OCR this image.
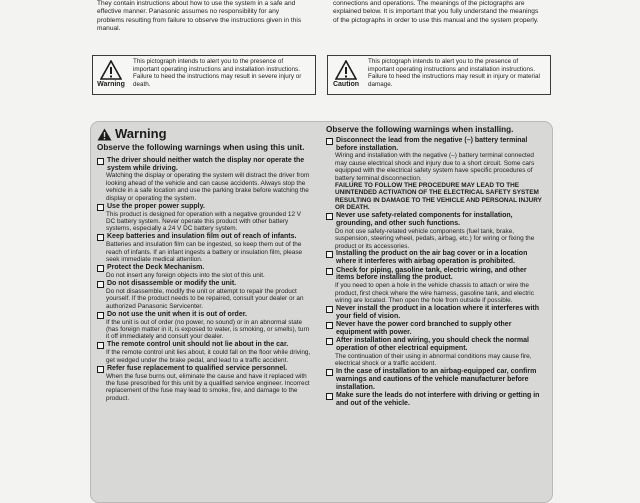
They contain instructions about how to use the system in a safe and effective manner. Panasonic assumes no responsibility for any problems resulting from failure to observe the instructions given in this manual.
connections and operations. The meanings of the pictographs are explained below. It is important that you fully understand the meanings of the pictographs in order to use this manual and the system properly.
Warning
This pictograph intends to alert you to the presence of important operating instructions and installation instructions. Failure to heed the instructions may result in severe injury or death.	Caution
This pictograph intends to alert you to the presence of important operating instructions and installation instructions. Failure to heed the instructions may result in injury or material damage.
Warning
Observe the following warnings when using this unit.
The driver should neither watch the display nor operate the system while driving.
Watching the display or operating the system will distract the driver from looking ahead of the vehicle and can cause accidents. Always stop the vehicle in a safe location and use the parking brake before watching the display or operating the system.
Use the proper power supply.
This product is designed for operation with a negative grounded 12 V DC battery system. Never operate this product with other battery systems, especially a 24 V DC battery system.
Keep batteries and insulation film out of reach of infants.
Batteries and insulation film can be ingested, so keep them out of the reach of infants. If an infant ingests a battery or insulation film, please seek immediate medical attention.
Protect the Deck Mechanism.
Do not insert any foreign objects into the slot of this unit.
Do not disassemble or modify the unit.
Do not disassemble, modify the unit or attempt to repair the product yourself. If the product needs to be repaired, consult your dealer or an authorized Panasonic Servicenter.
Do not use the unit when it is out of order.
If the unit is out of order (no power, no sound) or in an abnormal state (has foreign matter in it, is exposed to water, is smoking, or smells), turn it off immediately and consult your dealer.
The remote control unit should not lie about in the car.
If the remote control unit lies about, it could fall on the floor while driving, get wedged under the brake pedal, and lead to a traffic accident.
Refer fuse replacement to qualified service personnel.
When the fuse burns out, eliminate the cause and have it replaced with the fuse prescribed for this unit by a qualified service engineer. Incorrect replacement of the fuse may lead to smoke, fire, and damage to the product.
Observe the following warnings when installing.
Disconnect the lead from the negative (–) battery terminal before installation.
Wiring and installation with the negative (–) battery terminal connected may cause electrical shock and injury due to a short circuit. Some cars equipped with the electrical safety system have specific procedures of battery terminal disconnection.
FAILURE TO FOLLOW THE PROCEDURE MAY LEAD TO THE UNINTENDED ACTIVATION OF THE ELECTRICAL SAFETY SYSTEM RESULTING IN DAMAGE TO THE VEHICLE AND PERSONAL INJURY OR DEATH.
Never use safety-related components for installation, grounding, and other such functions.
Do not use safety-related vehicle components (fuel tank, brake, suspension, steering wheel, pedals, airbag, etc.) for wiring or fixing the product or its accessories.
Installing the product on the air bag cover or in a location where it interferes with airbag operation is prohibited.
Check for piping, gasoline tank, electric wiring, and other items before installing the product.
If you need to open a hole in the vehicle chassis to attach or wire the product, first check where the wire harness, gasoline tank, and electric wiring are located. Then open the hole from outside if possible.
Never install the product in a location where it interferes with your field of vision.
Never have the power cord branched to supply other equipment with power.
After installation and wiring, you should check the normal operation of other electrical equipment.
The continuation of their using in abnormal conditions may cause fire, electrical shock or a traffic accident.
In the case of installation to an airbag-equipped car, confirm warnings and cautions of the vehicle manufacturer before installation.
Make sure the leads do not interfere with driving or getting in and out of the vehicle.
